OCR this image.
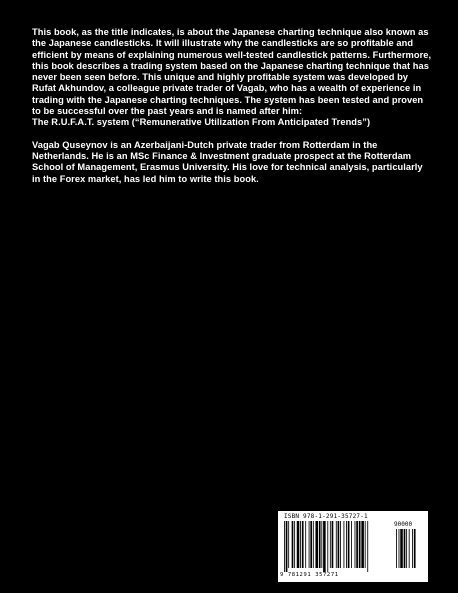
This book, as the title indicates, is about the Japanese charting technique also known as the Japanese candlesticks. It will illustrate why the candlesticks are so profitable and efficient by means of explaining numerous well-tested candlestick patterns. Furthermore, this book describes a trading system based on the Japanese charting technique that has never been seen before. This unique and highly profitable system was developed by Rufat Akhundov, a colleague private trader of Vagab, who has a wealth of experience in trading with the Japanese charting techniques. The system has been tested and proven to be successful over the past years and is named after him:

The R.U.F.A.T. system (“Remunerative Utilization From Anticipated Trends”)

Vagab Quseynov is an Azerbaijani-Dutch private trader from Rotterdam in the Netherlands. He is an MSc Finance & Investment graduate prospect at the Rotterdam School of Management, Erasmus University. His love for technical analysis, particularly in the Forex market, has led him to write this book.

ISBN 978-1-291-35727-1
90000
9 781291 357271
